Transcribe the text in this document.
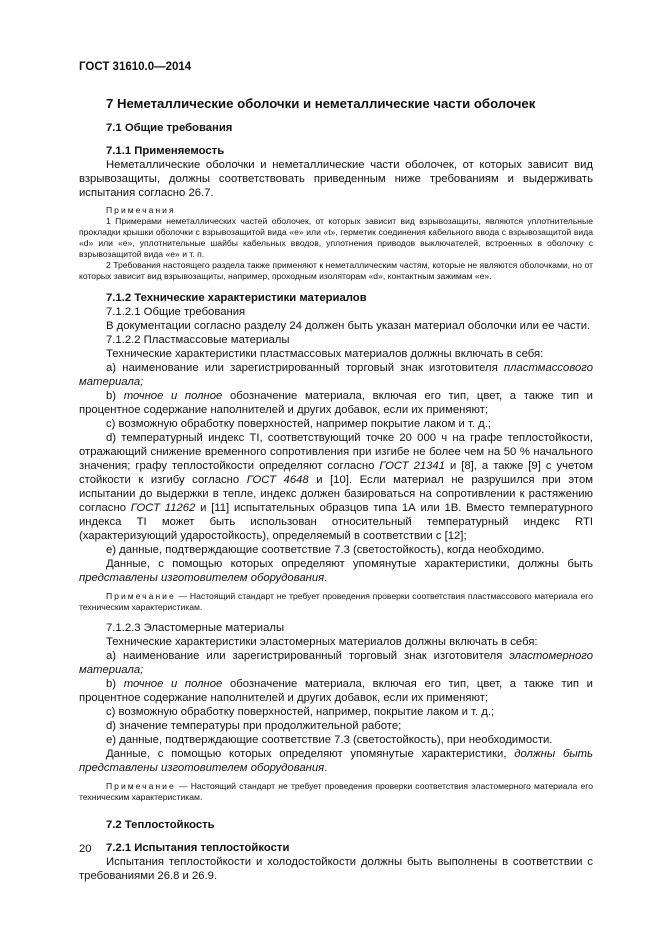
ГОСТ 31610.0—2014

7 Неметаллические оболочки и неметаллические части оболочек

7.1 Общие требования

7.1.1 Применяемость

Неметаллические оболочки и неметаллические части оболочек, от которых зависит вид взрывозащиты, должны соответствовать приведенным ниже требованиям и выдерживать испытания согласно 26.7.

Примечания

1 Примерами неметаллических частей оболочек, от которых зависит вид взрывозащиты, являются уплотнительные прокладки крышки оболочки с взрывозащитой вида «е» или «t», герметик соединения кабельного ввода с взрывозащитой вида «d» или «е», уплотнительные шайбы кабельных вводов, уплотнения приводов выключателей, встроенных в оболочку с взрывозащитой вида «е» и т. п.

2 Требования настоящего раздела также применяют к неметаллическим частям, которые не являются оболочками, но от которых зависит вид взрывозащиты, например, проходным изоляторам «d», контактным зажимам «е».

7.1.2 Технические характеристики материалов

7.1.2.1 Общие требования

В документации согласно разделу 24 должен быть указан материал оболочки или ее части.

7.1.2.2 Пластмассовые материалы

Технические характеристики пластмассовых материалов должны включать в себя:

а) наименование или зарегистрированный торговый знак изготовителя пластмассового материала;

b) точное и полное обозначение материала, включая его тип, цвет, а также тип и процентное содержание наполнителей и других добавок, если их применяют;

с) возможную обработку поверхностей, например покрытие лаком и т. д.;

d) температурный индекс TI, соответствующий точке 20 000 ч на графе теплостойкости, отражающий снижение временного сопротивления при изгибе не более чем на 50 % начального значения; графу теплостойкости определяют согласно ГОСТ 21341 и [8], а также [9] с учетом стойкости к изгибу согласно ГОСТ 4648 и [10]. Если материал не разрушился при этом испытании до выдержки в тепле, индекс должен базироваться на сопротивлении к растяжению согласно ГОСТ 11262 и [11] испытательных образцов типа 1А или 1В. Вместо температурного индекса TI может быть использован относительный температурный индекс RTI (характеризующий ударостойкость), определяемый в соответствии с [12];

е) данные, подтверждающие соответствие 7.3 (светостойкость), когда необходимо.

Данные, с помощью которых определяют упомянутые характеристики, должны быть представлены изготовителем оборудования.

Примечание — Настоящий стандарт не требует проведения проверки соответствия пластмассового материала его техническим характеристикам.

7.1.2.3 Эластомерные материалы

Технические характеристики эластомерных материалов должны включать в себя:

а) наименование или зарегистрированный торговый знак изготовителя эластомерного материала;

b) точное и полное обозначение материала, включая его тип, цвет, а также тип и процентное содержание наполнителей и других добавок, если их применяют;

с) возможную обработку поверхностей, например, покрытие лаком и т. д.;

d) значение температуры при продолжительной работе;

е) данные, подтверждающие соответствие 7.3 (светостойкость), при необходимости.

Данные, с помощью которых определяют упомянутые характеристики, должны быть представлены изготовителем оборудования.

Примечание — Настоящий стандарт не требует проведения проверки соответствия эластомерного материала его техническим характеристикам.

7.2 Теплостойкость

7.2.1 Испытания теплостойкости

Испытания теплостойкости и холодостойкости должны быть выполнены в соответствии с требованиями 26.8 и 26.9.

20
